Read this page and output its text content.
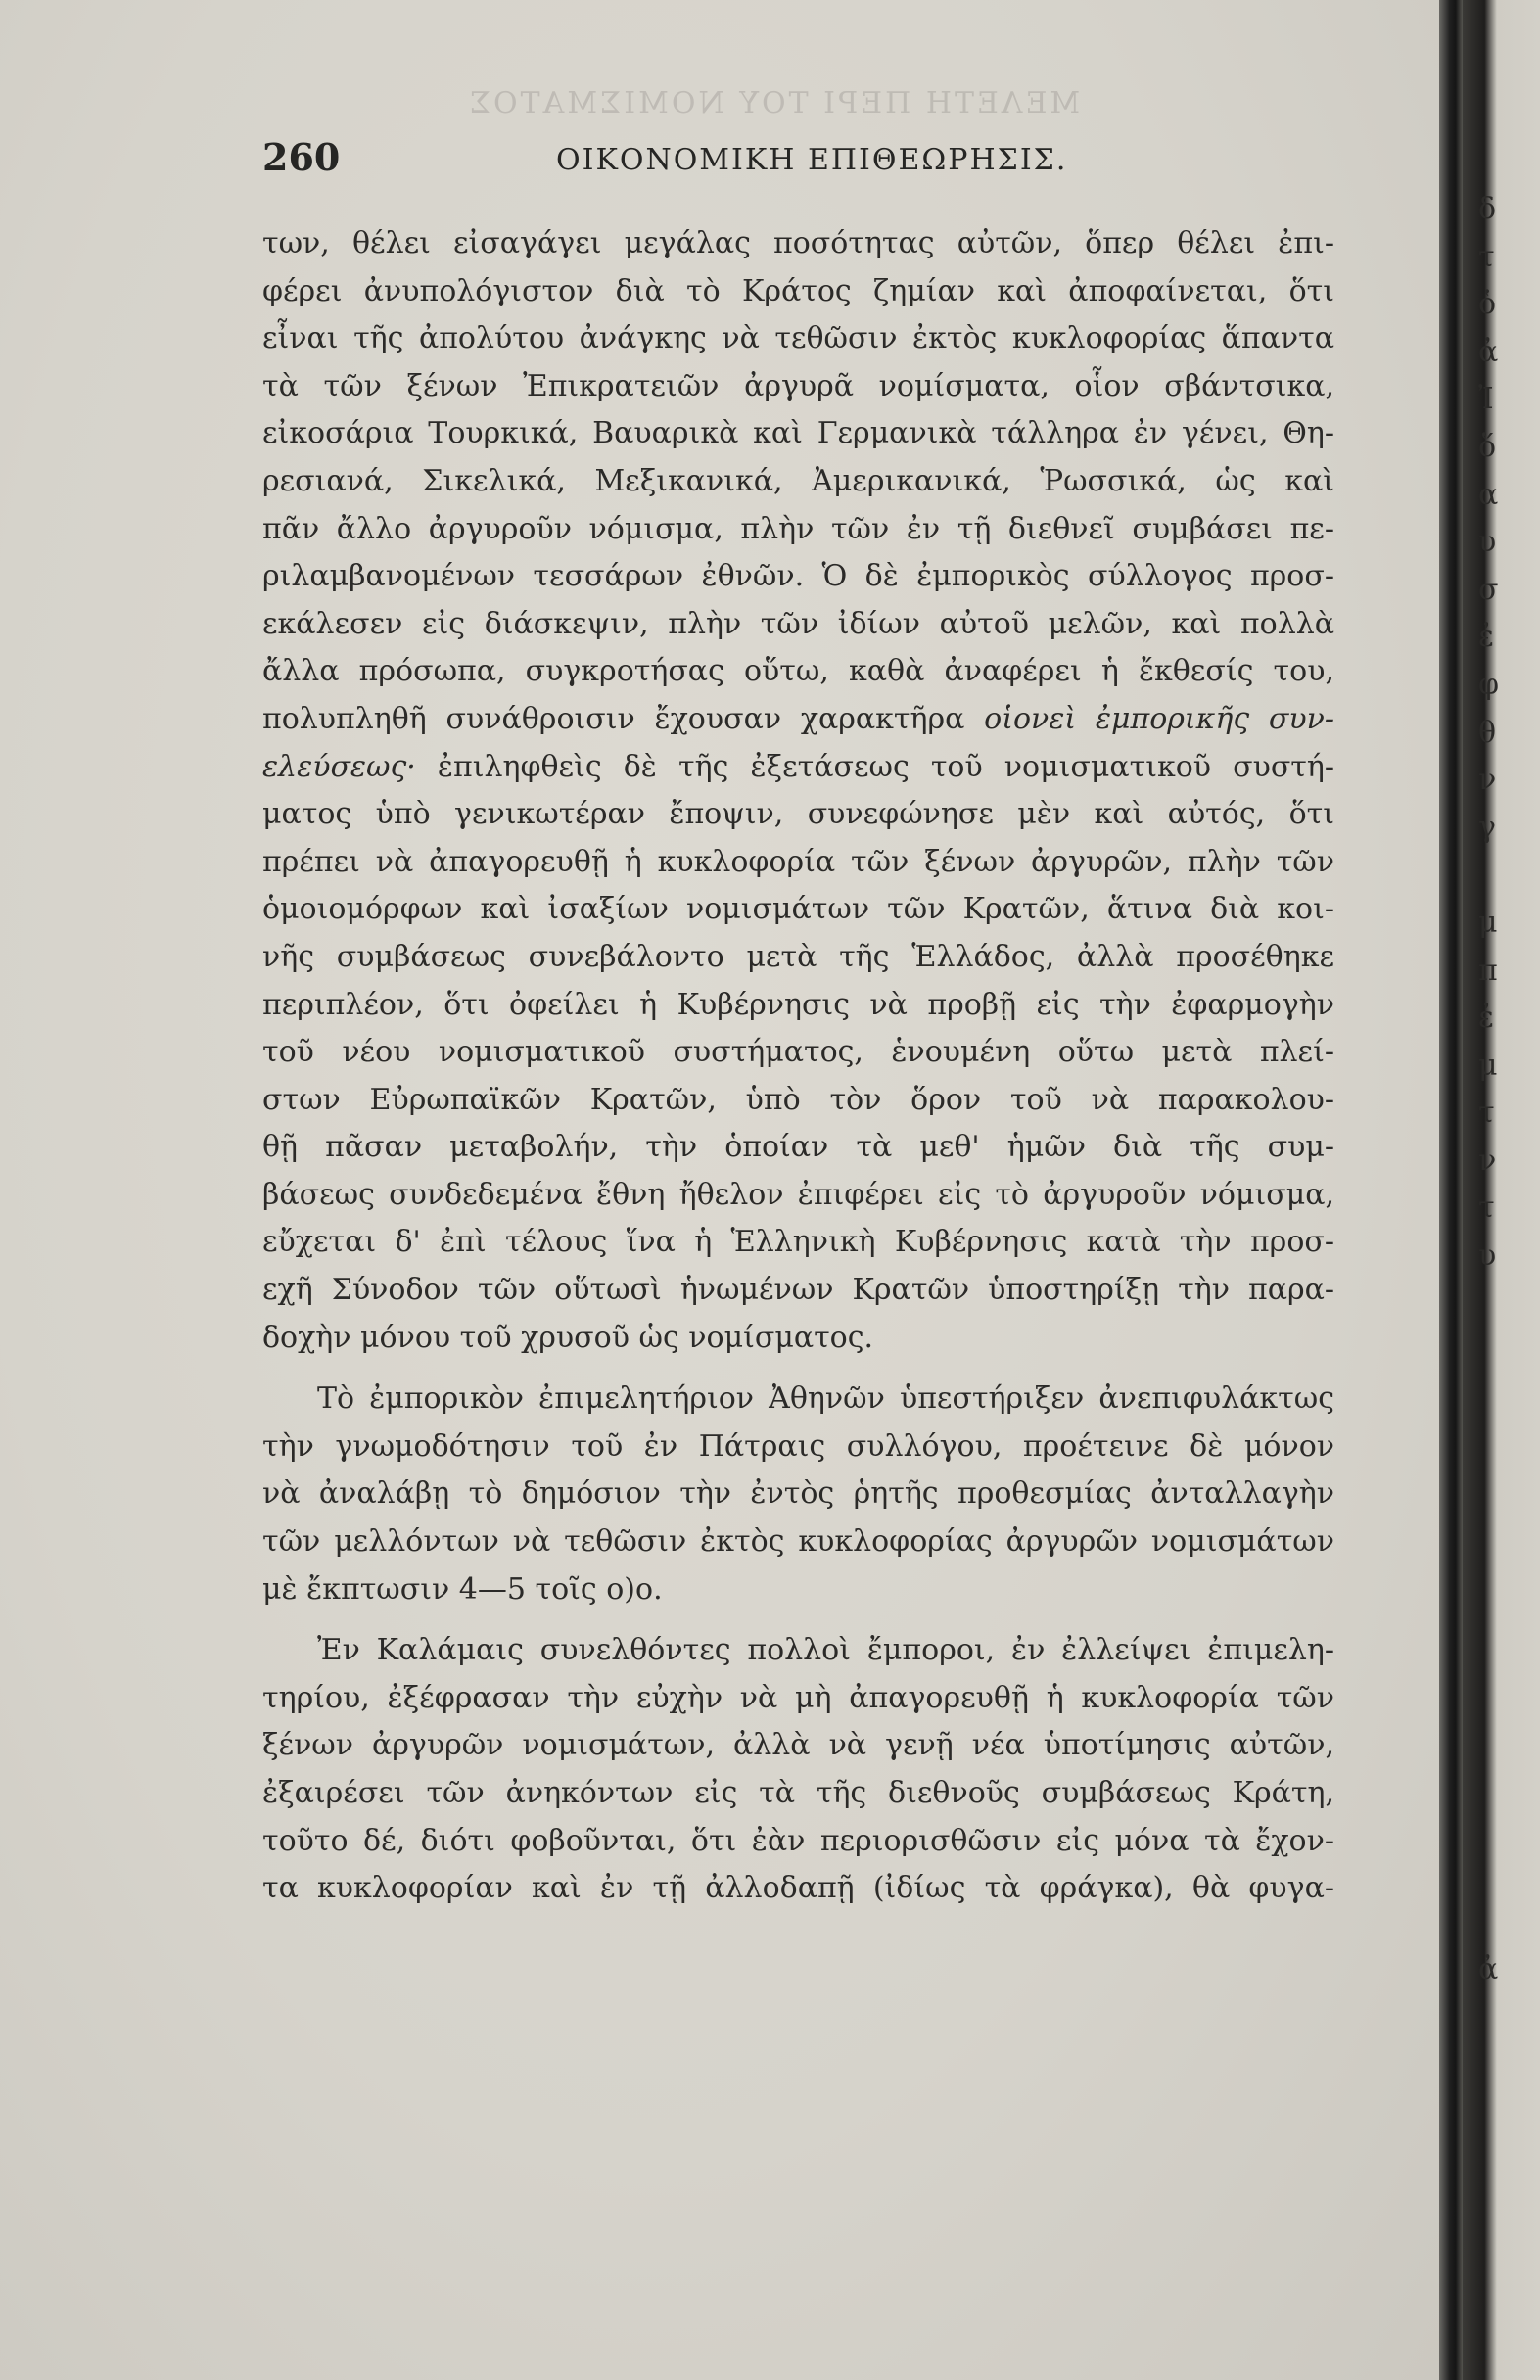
ΜΕΛΕΤΗ ΠΕΡΙ ΤΟΥ ΝΟΜΙΣΜΑΤΟΣ
260	ΟΙΚΟΝΟΜΙΚΗ ΕΠΙΘΕΩΡΗΣΙΣ.
των, θέλει εἰσαγάγει μεγάλας ποσότητας αὐτῶν, ὅπερ θέλει ἐπι-
φέρει ἀνυπολόγιστον διὰ τὸ Κράτος ζημίαν καὶ ἀποφαίνεται, ὅτι
εἶναι τῆς ἀπολύτου ἀνάγκης νὰ τεθῶσιν ἐκτὸς κυκλοφορίας ἅπαντα
τὰ τῶν ξένων Ἐπικρατειῶν ἀργυρᾶ νομίσματα, οἷον σβάντσικα,
εἰκοσάρια Τουρκικά, Βαυαρικὰ καὶ Γερμανικὰ τάλληρα ἐν γένει, Θη-
ρεσιανά, Σικελικά, Μεξικανικά, Ἀμερικανικά, Ῥωσσικά, ὡς καὶ
πᾶν ἄλλο ἀργυροῦν νόμισμα, πλὴν τῶν ἐν τῇ διεθνεῖ συμβάσει πε-
ριλαμβανομένων τεσσάρων ἐθνῶν. Ὁ δὲ ἐμπορικὸς σύλλογος προσ-
εκάλεσεν εἰς διάσκεψιν, πλὴν τῶν ἰδίων αὐτοῦ μελῶν, καὶ πολλὰ
ἄλλα πρόσωπα, συγκροτήσας οὕτω, καθὰ ἀναφέρει ἡ ἔκθεσίς του,
πολυπληθῆ συνάθροισιν ἔχουσαν χαρακτῆρα οἱονεὶ ἐμπορικῆς συν-
ελεύσεως· ἐπιληφθεὶς δὲ τῆς ἐξετάσεως τοῦ νομισματικοῦ συστή-
ματος ὑπὸ γενικωτέραν ἔποψιν, συνεφώνησε μὲν καὶ αὐτός, ὅτι
πρέπει νὰ ἀπαγορευθῇ ἡ κυκλοφορία τῶν ξένων ἀργυρῶν, πλὴν τῶν
ὁμοιομόρφων καὶ ἰσαξίων νομισμάτων τῶν Κρατῶν, ἅτινα διὰ κοι-
νῆς συμβάσεως συνεβάλοντο μετὰ τῆς Ἑλλάδος, ἀλλὰ προσέθηκε
περιπλέον, ὅτι ὀφείλει ἡ Κυβέρνησις νὰ προβῇ εἰς τὴν ἐφαρμογὴν
τοῦ νέου νομισματικοῦ συστήματος, ἑνουμένη οὕτω μετὰ πλεί-
στων Εὐρωπαϊκῶν Κρατῶν, ὑπὸ τὸν ὅρον τοῦ νὰ παρακολου-
θῇ πᾶσαν μεταβολήν, τὴν ὁποίαν τὰ μεθ' ἡμῶν διὰ τῆς συμ-
βάσεως συνδεδεμένα ἔθνη ἤθελον ἐπιφέρει εἰς τὸ ἀργυροῦν νόμισμα,
εὔχεται δ' ἐπὶ τέλους ἵνα ἡ Ἑλληνικὴ Κυβέρνησις κατὰ τὴν προσ-
εχῆ Σύνοδον τῶν οὕτωσὶ ἡνωμένων Κρατῶν ὑποστηρίξῃ τὴν παρα-
δοχὴν μόνου τοῦ χρυσοῦ ὡς νομίσματος.
Τὸ ἐμπορικὸν ἐπιμελητήριον Ἀθηνῶν ὑπεστήριξεν ἀνεπιφυλάκτως
τὴν γνωμοδότησιν τοῦ ἐν Πάτραις συλλόγου, προέτεινε δὲ μόνον
νὰ ἀναλάβῃ τὸ δημόσιον τὴν ἐντὸς ῥητῆς προθεσμίας ἀνταλλαγὴν
τῶν μελλόντων νὰ τεθῶσιν ἐκτὸς κυκλοφορίας ἀργυρῶν νομισμάτων
μὲ ἔκπτωσιν 4—5 τοῖς ο)ο.
Ἐν Καλάμαις συνελθόντες πολλοὶ ἔμποροι, ἐν ἐλλείψει ἐπιμελη-
τηρίου, ἐξέφρασαν τὴν εὐχὴν νὰ μὴ ἀπαγορευθῇ ἡ κυκλοφορία τῶν
ξένων ἀργυρῶν νομισμάτων, ἀλλὰ νὰ γενῇ νέα ὑποτίμησις αὐτῶν,
ἐξαιρέσει τῶν ἀνηκόντων εἰς τὰ τῆς διεθνοῦς συμβάσεως Κράτη,
τοῦτο δέ, διότι φοβοῦνται, ὅτι ἐὰν περιορισθῶσιν εἰς μόνα τὰ ἔχον-
τα κυκλοφορίαν καὶ ἐν τῇ ἀλλοδαπῇ (ἰδίως τὰ φράγκα), θὰ φυγα-
δ
τ
ὁ
ἀ
Ἰ
ὅ
α
υ
σ
ἐ
φ
θ
ν
γ
μ
π
ἐ
μ
τ
ν
τ
υ
ἀ
